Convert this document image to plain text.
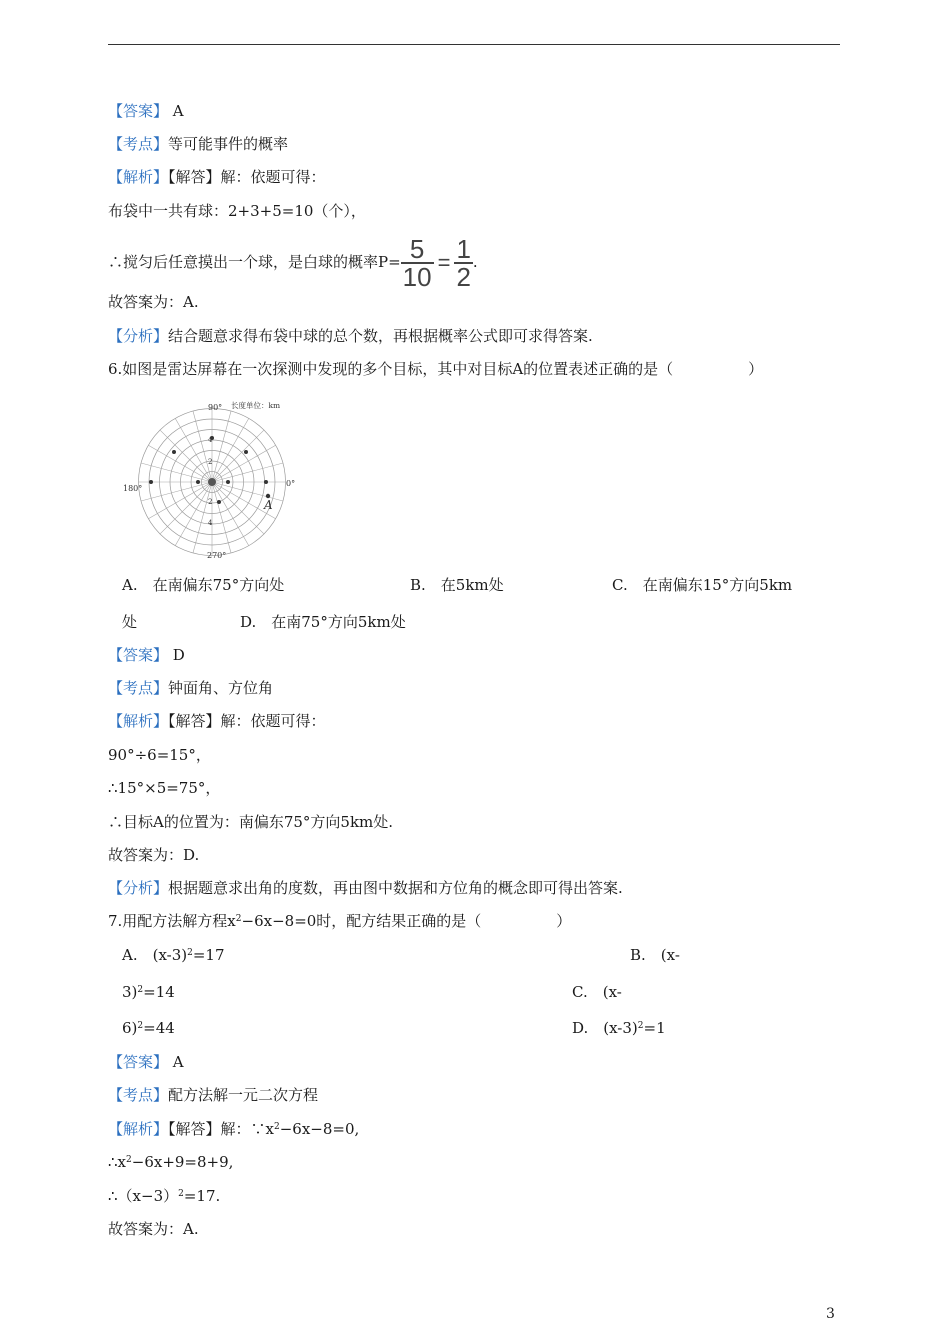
【答案】 A
【考点】等可能事件的概率
【解析】【解答】解：依题可得：
布袋中一共有球：2+3+5=10（个），
∴搅匀后任意摸出一个球，是白球的概率$P= \frac{5}{10} = \frac{1}{2}$ .
故答案为：A.
【分析】结合题意求得布袋中球的总个数，再根据概率公式即可求得答案.
6.如图是雷达屏幕在一次探测中发现的多个目标，其中对目标A的位置表述正确的是（　　　　　）
90° 长度单位：km
180°
0°
270°
A
2
4
2
4
A.　在南偏东75°方向处	B.　在5km处	C.　在南偏东15°方向5km
处	D.　在南75°方向5km处
【答案】 D
【考点】钟面角、方位角
【解析】【解答】解：依题可得：
90°÷6=15°，
∴15°×5=75°，
∴目标A的位置为：南偏东75°方向5km处.
故答案为：D.
【分析】根据题意求出角的度数，再由图中数据和方位角的概念即可得出答案.
7.用配方法解方程$x^2-6x-8=0$时，配方结果正确的是（　　　　　）
A.　$(x-3)^2=17$	B.　(x-
3)$^2$=14	C.　(x-
6)$^2$=44	D.　$(x-3)^2=1$
【答案】 A
【考点】配方法解一元二次方程
【解析】【解答】解：$\because x^2-6x-8=0$,
$\therefore x^2-6x+9=8+9$,
$\therefore(x-3)^2=17$.
故答案为：A.
3
